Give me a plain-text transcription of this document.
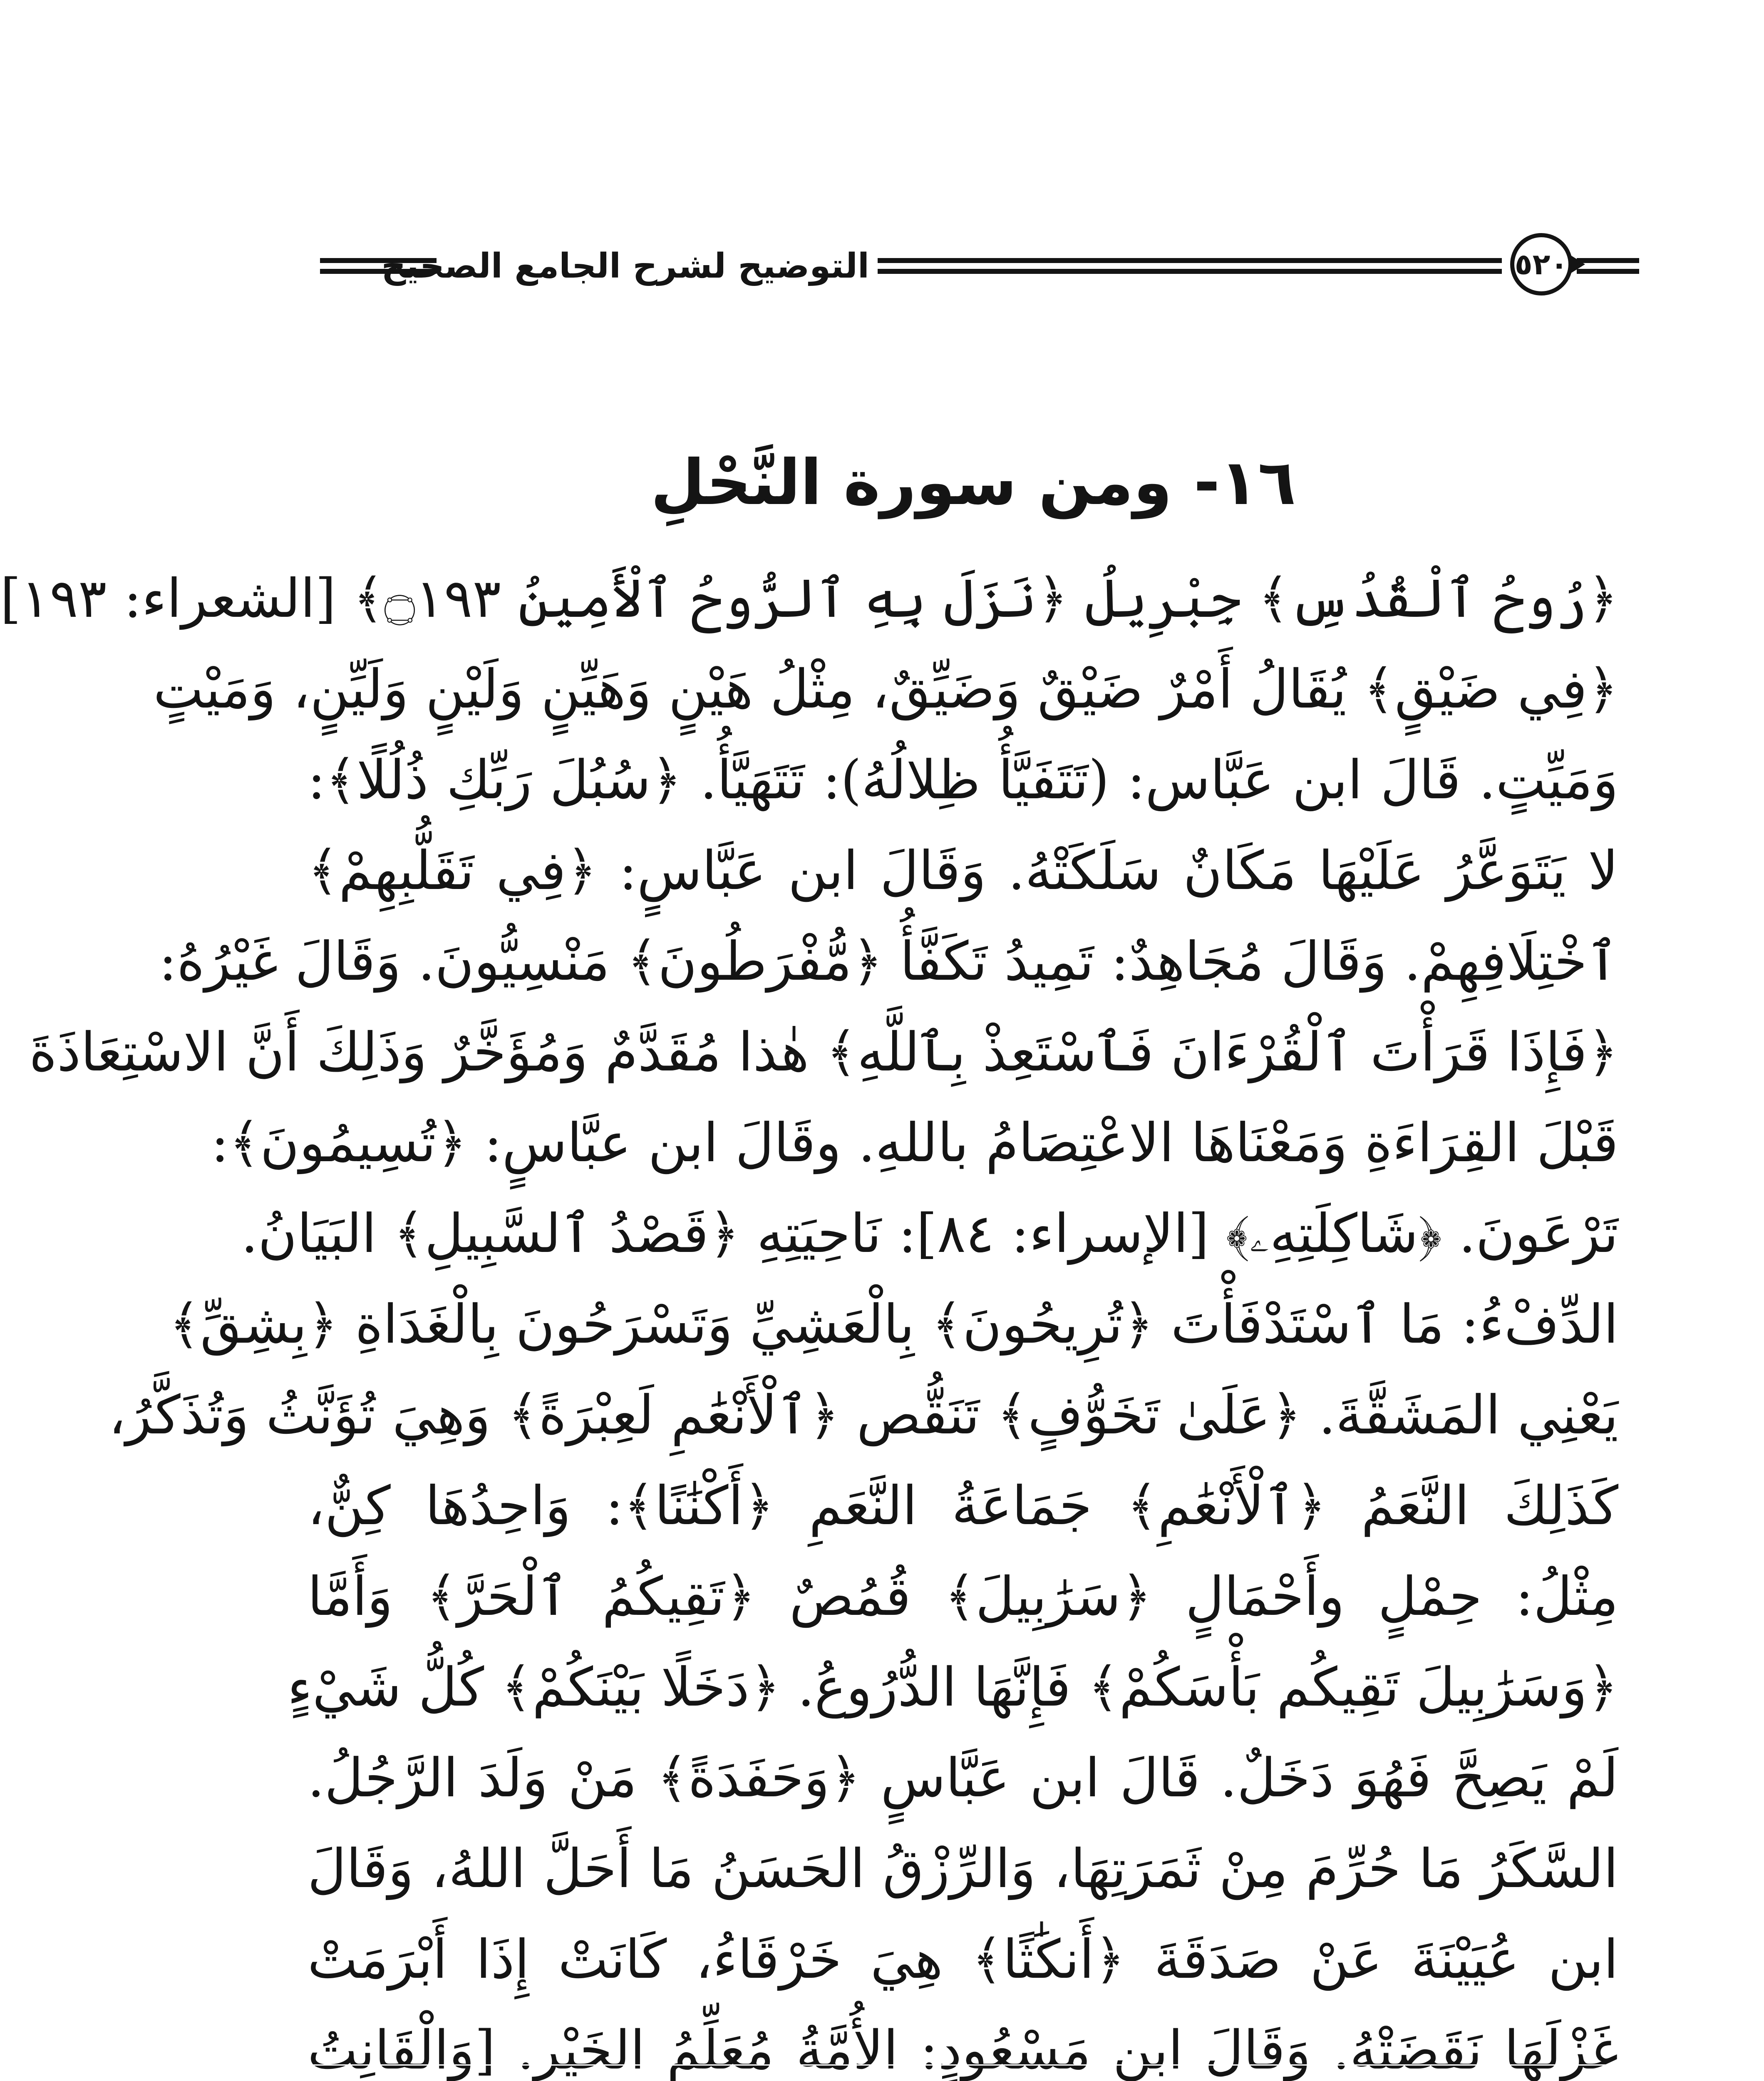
التوضيح لشرح الجامع الصحيح	٥٢٠
١٦- ومن سورة النَّحْلِ
﴿رُوحُ ٱلْقُدُسِ﴾ جِبْرِيلُ ﴿نَزَلَ بِهِ ٱلرُّوحُ ٱلْأَمِينُ ۝١٩٣﴾ [الشعراء: ١٩٣]
﴿فِي ضَيْقٍ﴾ يُقَالُ أَمْرٌ ضَيْقٌ وَضَيِّقٌ، مِثْلُ هَيْنٍ وَهَيِّنٍ وَلَيْنٍ وَلَيِّنٍ، وَمَيْتٍ
وَمَيِّتٍ. قَالَ ابن عَبَّاس: (تَتَفَيَّأُ ظِلالُهُ): تَتَهَيَّأُ. ﴿سُبُلَ رَبِّكِ ذُلُلًا﴾:
لا يَتَوَعَّرُ عَلَيْهَا مَكَانٌ سَلَكَتْهُ. وَقَالَ ابن عَبَّاسٍ: ﴿فِي تَقَلُّبِهِمْ﴾
ٱخْتِلَافِهِمْ. وَقَالَ مُجَاهِدٌ: تَمِيدُ تَكَفَّأُ ﴿مُّفْرَطُونَ﴾ مَنْسِيُّونَ. وَقَالَ غَيْرُهُ:
﴿فَإِذَا قَرَأْتَ ٱلْقُرْءَانَ فَٱسْتَعِذْ بِٱللَّهِ﴾ هٰذا مُقَدَّمٌ وَمُؤَخَّرٌ وَذَلِكَ أَنَّ الاسْتِعَاذَةَ
قَبْلَ القِرَاءَةِ وَمَعْنَاهَا الاعْتِصَامُ باللهِ. وقَالَ ابن عبَّاسٍ: ﴿تُسِيمُونَ﴾:
تَرْعَونَ. ﴿شَاكِلَتِهِۦ﴾ [الإسراء: ٨٤]: نَاحِيَتِهِ ﴿قَصْدُ ٱلسَّبِيلِ﴾ البَيَانُ.
الدِّفْءُ: مَا ٱسْتَدْفَأْتَ ﴿تُرِيحُونَ﴾ بِالْعَشِيِّ وَتَسْرَحُونَ بِالْغَدَاةِ ﴿بِشِقِّ﴾
يَعْنِي المَشَقَّةَ. ﴿عَلَىٰ تَخَوُّفٍ﴾ تَنَقُّص ﴿ٱلْأَنْعَٰمِ لَعِبْرَةً﴾ وَهِيَ تُؤَنَّثُ وَتُذَكَّرُ،
كَذَلِكَ النَّعَمُ ﴿ٱلْأَنْعَٰمِ﴾ جَمَاعَةُ النَّعَمِ ﴿أَكْنَٰنًا﴾: وَاحِدُهَا كِنٌّ،
مِثْلُ: حِمْلٍ وأَحْمَالٍ ﴿سَرَٰبِيلَ﴾ قُمُصٌ ﴿تَقِيكُمُ ٱلْحَرَّ﴾ وَأَمَّا
﴿وَسَرَٰبِيلَ تَقِيكُم بَأْسَكُمْ﴾ فَإِنَّهَا الدُّرُوعُ. ﴿دَخَلًا بَيْنَكُمْ﴾ كُلُّ شَيْءٍ
لَمْ يَصِحَّ فَهُوَ دَخَلٌ. قَالَ ابن عَبَّاسٍ ﴿وَحَفَدَةً﴾ مَنْ وَلَدَ الرَّجُلُ.
السَّكَرُ مَا حُرِّمَ مِنْ ثَمَرَتِهَا، وَالرِّزْقُ الحَسَنُ مَا أَحَلَّ اللهُ، وَقَالَ
ابن عُيَيْنَةَ عَنْ صَدَقَةَ ﴿أَنكَٰثًا﴾ هِيَ خَرْقَاءُ، كَانَتْ إِذَا أَبْرَمَتْ
غَزْلَهَا نَقَضَتْهُ. وَقَالَ ابن مَسْعُودٍ: الأُمَّةُ مُعَلِّمُ الخَيْرِ. [وَالْقَانِتُ
